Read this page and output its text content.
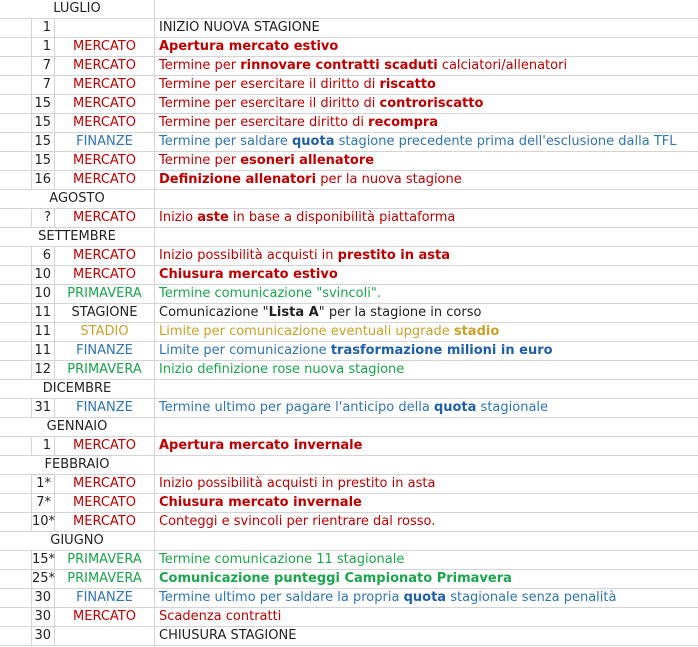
LUGLIO
1	INIZIO NUOVA STAGIONE
1	MERCATO	Apertura mercato estivo
7	MERCATO	Termine per rinnovare contratti scaduti calciatori/allenatori
7	MERCATO	Termine per esercitare il diritto di riscatto
15	MERCATO	Termine per esercitare il diritto di controriscatto
15	MERCATO	Termine per esercitare diritto di recompra
15	FINANZE	Termine per saldare quota stagione precedente prima dell'esclusione dalla TFL
15	MERCATO	Termine per esoneri allenatore
16	MERCATO	Definizione allenatori per la nuova stagione
AGOSTO
?	MERCATO	Inizio aste in base a disponibilità piattaforma
SETTEMBRE
6	MERCATO	Inizio possibilità acquisti in prestito in asta
10	MERCATO	Chiusura mercato estivo
10	PRIMAVERA	Termine comunicazione "svincoli".
11	STAGIONE	Comunicazione "Lista A" per la stagione in corso
11	STADIO	Limite per comunicazione eventuali upgrade stadio
11	FINANZE	Limite per comunicazione trasformazione milioni in euro
12	PRIMAVERA	Inizio definizione rose nuova stagione
DICEMBRE
31	FINANZE	Termine ultimo per pagare l'anticipo della quota stagionale
GENNAIO
1	MERCATO	Apertura mercato invernale
FEBBRAIO
1*	MERCATO	Inizio possibilità acquisti in prestito in asta
7*	MERCATO	Chiusura mercato invernale
10*	MERCATO	Conteggi e svincoli per rientrare dal rosso.
GIUGNO
15* PRIMAVERA	Termine comunicazione 11 stagionale
25* PRIMAVERA	Comunicazione punteggi Campionato Primavera
30	FINANZE	Termine ultimo per saldare la propria quota stagionale senza penalità
30	MERCATO	Scadenza contratti
30	CHIUSURA STAGIONE
